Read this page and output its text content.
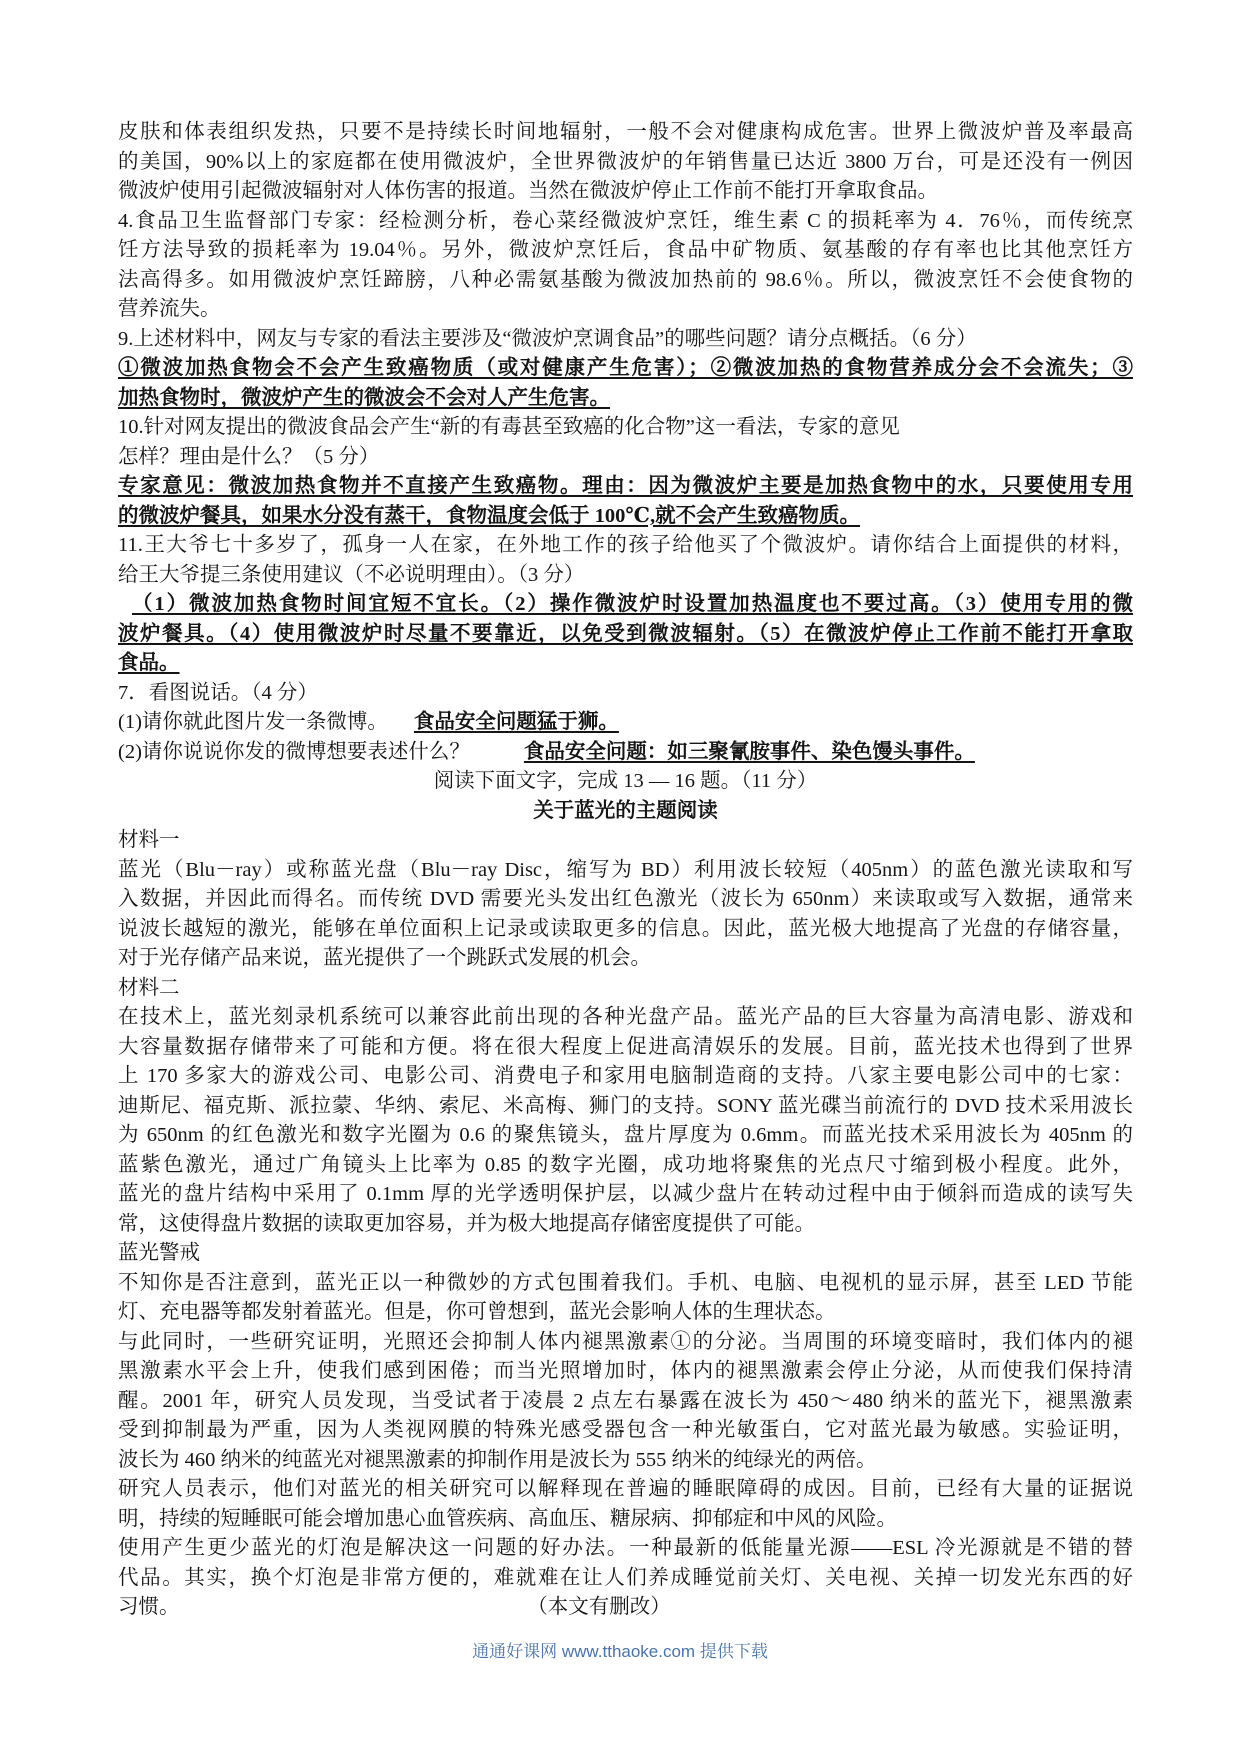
皮肤和体表组织发热，只要不是持续长时间地辐射，一般不会对健康构成危害。世界上微波炉普及率最高
的美国，90%以上的家庭都在使用微波炉，全世界微波炉的年销售量已达近 3800 万台，可是还没有一例因
微波炉使用引起微波辐射对人体伤害的报道。当然在微波炉停止工作前不能打开拿取食品。
4.食品卫生监督部门专家：经检测分析，卷心菜经微波炉烹饪，维生素 C 的损耗率为 4．76％，而传统烹
饪方法导致的损耗率为 19.04％。另外，微波炉烹饪后，食品中矿物质、氨基酸的存有率也比其他烹饪方
法高得多。如用微波炉烹饪蹄膀，八种必需氨基酸为微波加热前的 98.6％。所以，微波烹饪不会使食物的
营养流失。
9.上述材料中，网友与专家的看法主要涉及“微波炉烹调食品”的哪些问题？请分点概括。（6 分）
①微波加热食物会不会产生致癌物质（或对健康产生危害）；②微波加热的食物营养成分会不会流失；③
加热食物时，微波炉产生的微波会不会对人产生危害。
10.针对网友提出的微波食品会产生“新的有毒甚至致癌的化合物”这一看法，专家的意见
怎样？理由是什么？（5 分）
专家意见：微波加热食物并不直接产生致癌物。理由：因为微波炉主要是加热食物中的水，只要使用专用
的微波炉餐具，如果水分没有蒸干，食物温度会低于 100℃,就不会产生致癌物质。
11.王大爷七十多岁了，孤身一人在家，在外地工作的孩子给他买了个微波炉。请你结合上面提供的材料，
给王大爷提三条使用建议（不必说明理由）。（3 分）
（1）微波加热食物时间宜短不宜长。（2）操作微波炉时设置加热温度也不要过高。（3）使用专用的微
波炉餐具。（4）使用微波炉时尽量不要靠近，以免受到微波辐射。（5）在微波炉停止工作前不能打开拿取
食品。
7．看图说话。（4 分）
(1)请你就此图片发一条微博。 食品安全问题猛于狮。
(2)请你说说你发的微博想要表述什么？	食品安全问题：如三聚氰胺事件、染色馒头事件。
阅读下面文字，完成 13 — 16 题。（11 分）
关于蓝光的主题阅读
材料一
蓝光（Blu－ray）或称蓝光盘（Blu－ray Disc，缩写为 BD）利用波长较短（405nm）的蓝色激光读取和写
入数据，并因此而得名。而传统 DVD 需要光头发出红色激光（波长为 650nm）来读取或写入数据，通常来
说波长越短的激光，能够在单位面积上记录或读取更多的信息。因此，蓝光极大地提高了光盘的存储容量，
对于光存储产品来说，蓝光提供了一个跳跃式发展的机会。
材料二
在技术上，蓝光刻录机系统可以兼容此前出现的各种光盘产品。蓝光产品的巨大容量为高清电影、游戏和
大容量数据存储带来了可能和方便。将在很大程度上促进高清娱乐的发展。目前，蓝光技术也得到了世界
上 170 多家大的游戏公司、电影公司、消费电子和家用电脑制造商的支持。八家主要电影公司中的七家：
迪斯尼、福克斯、派拉蒙、华纳、索尼、米高梅、狮门的支持。SONY 蓝光碟当前流行的 DVD 技术采用波长
为 650nm 的红色激光和数字光圈为 0.6 的聚焦镜头，盘片厚度为 0.6mm。而蓝光技术采用波长为 405nm 的
蓝紫色激光，通过广角镜头上比率为 0.85 的数字光圈，成功地将聚焦的光点尺寸缩到极小程度。此外，
蓝光的盘片结构中采用了 0.1mm 厚的光学透明保护层，以减少盘片在转动过程中由于倾斜而造成的读写失
常，这使得盘片数据的读取更加容易，并为极大地提高存储密度提供了可能。
蓝光警戒
不知你是否注意到，蓝光正以一种微妙的方式包围着我们。手机、电脑、电视机的显示屏，甚至 LED 节能
灯、充电器等都发射着蓝光。但是，你可曾想到，蓝光会影响人体的生理状态。
与此同时，一些研究证明，光照还会抑制人体内褪黑激素①的分泌。当周围的环境变暗时，我们体内的褪
黑激素水平会上升，使我们感到困倦；而当光照增加时，体内的褪黑激素会停止分泌，从而使我们保持清
醒。2001 年，研究人员发现，当受试者于凌晨 2 点左右暴露在波长为 450～480 纳米的蓝光下，褪黑激素
受到抑制最为严重，因为人类视网膜的特殊光感受器包含一种光敏蛋白，它对蓝光最为敏感。实验证明，
波长为 460 纳米的纯蓝光对褪黑激素的抑制作用是波长为 555 纳米的纯绿光的两倍。
研究人员表示，他们对蓝光的相关研究可以解释现在普遍的睡眠障碍的成因。目前，已经有大量的证据说
明，持续的短睡眠可能会增加患心血管疾病、高血压、糖尿病、抑郁症和中风的风险。
使用产生更少蓝光的灯泡是解决这一问题的好办法。一种最新的低能量光源——ESL 冷光源就是不错的替
代品。其实，换个灯泡是非常方便的，难就难在让人们养成睡觉前关灯、关电视、关掉一切发光东西的好
习惯。	（本文有删改）
通通好课网 www.tthaoke.com 提供下载
